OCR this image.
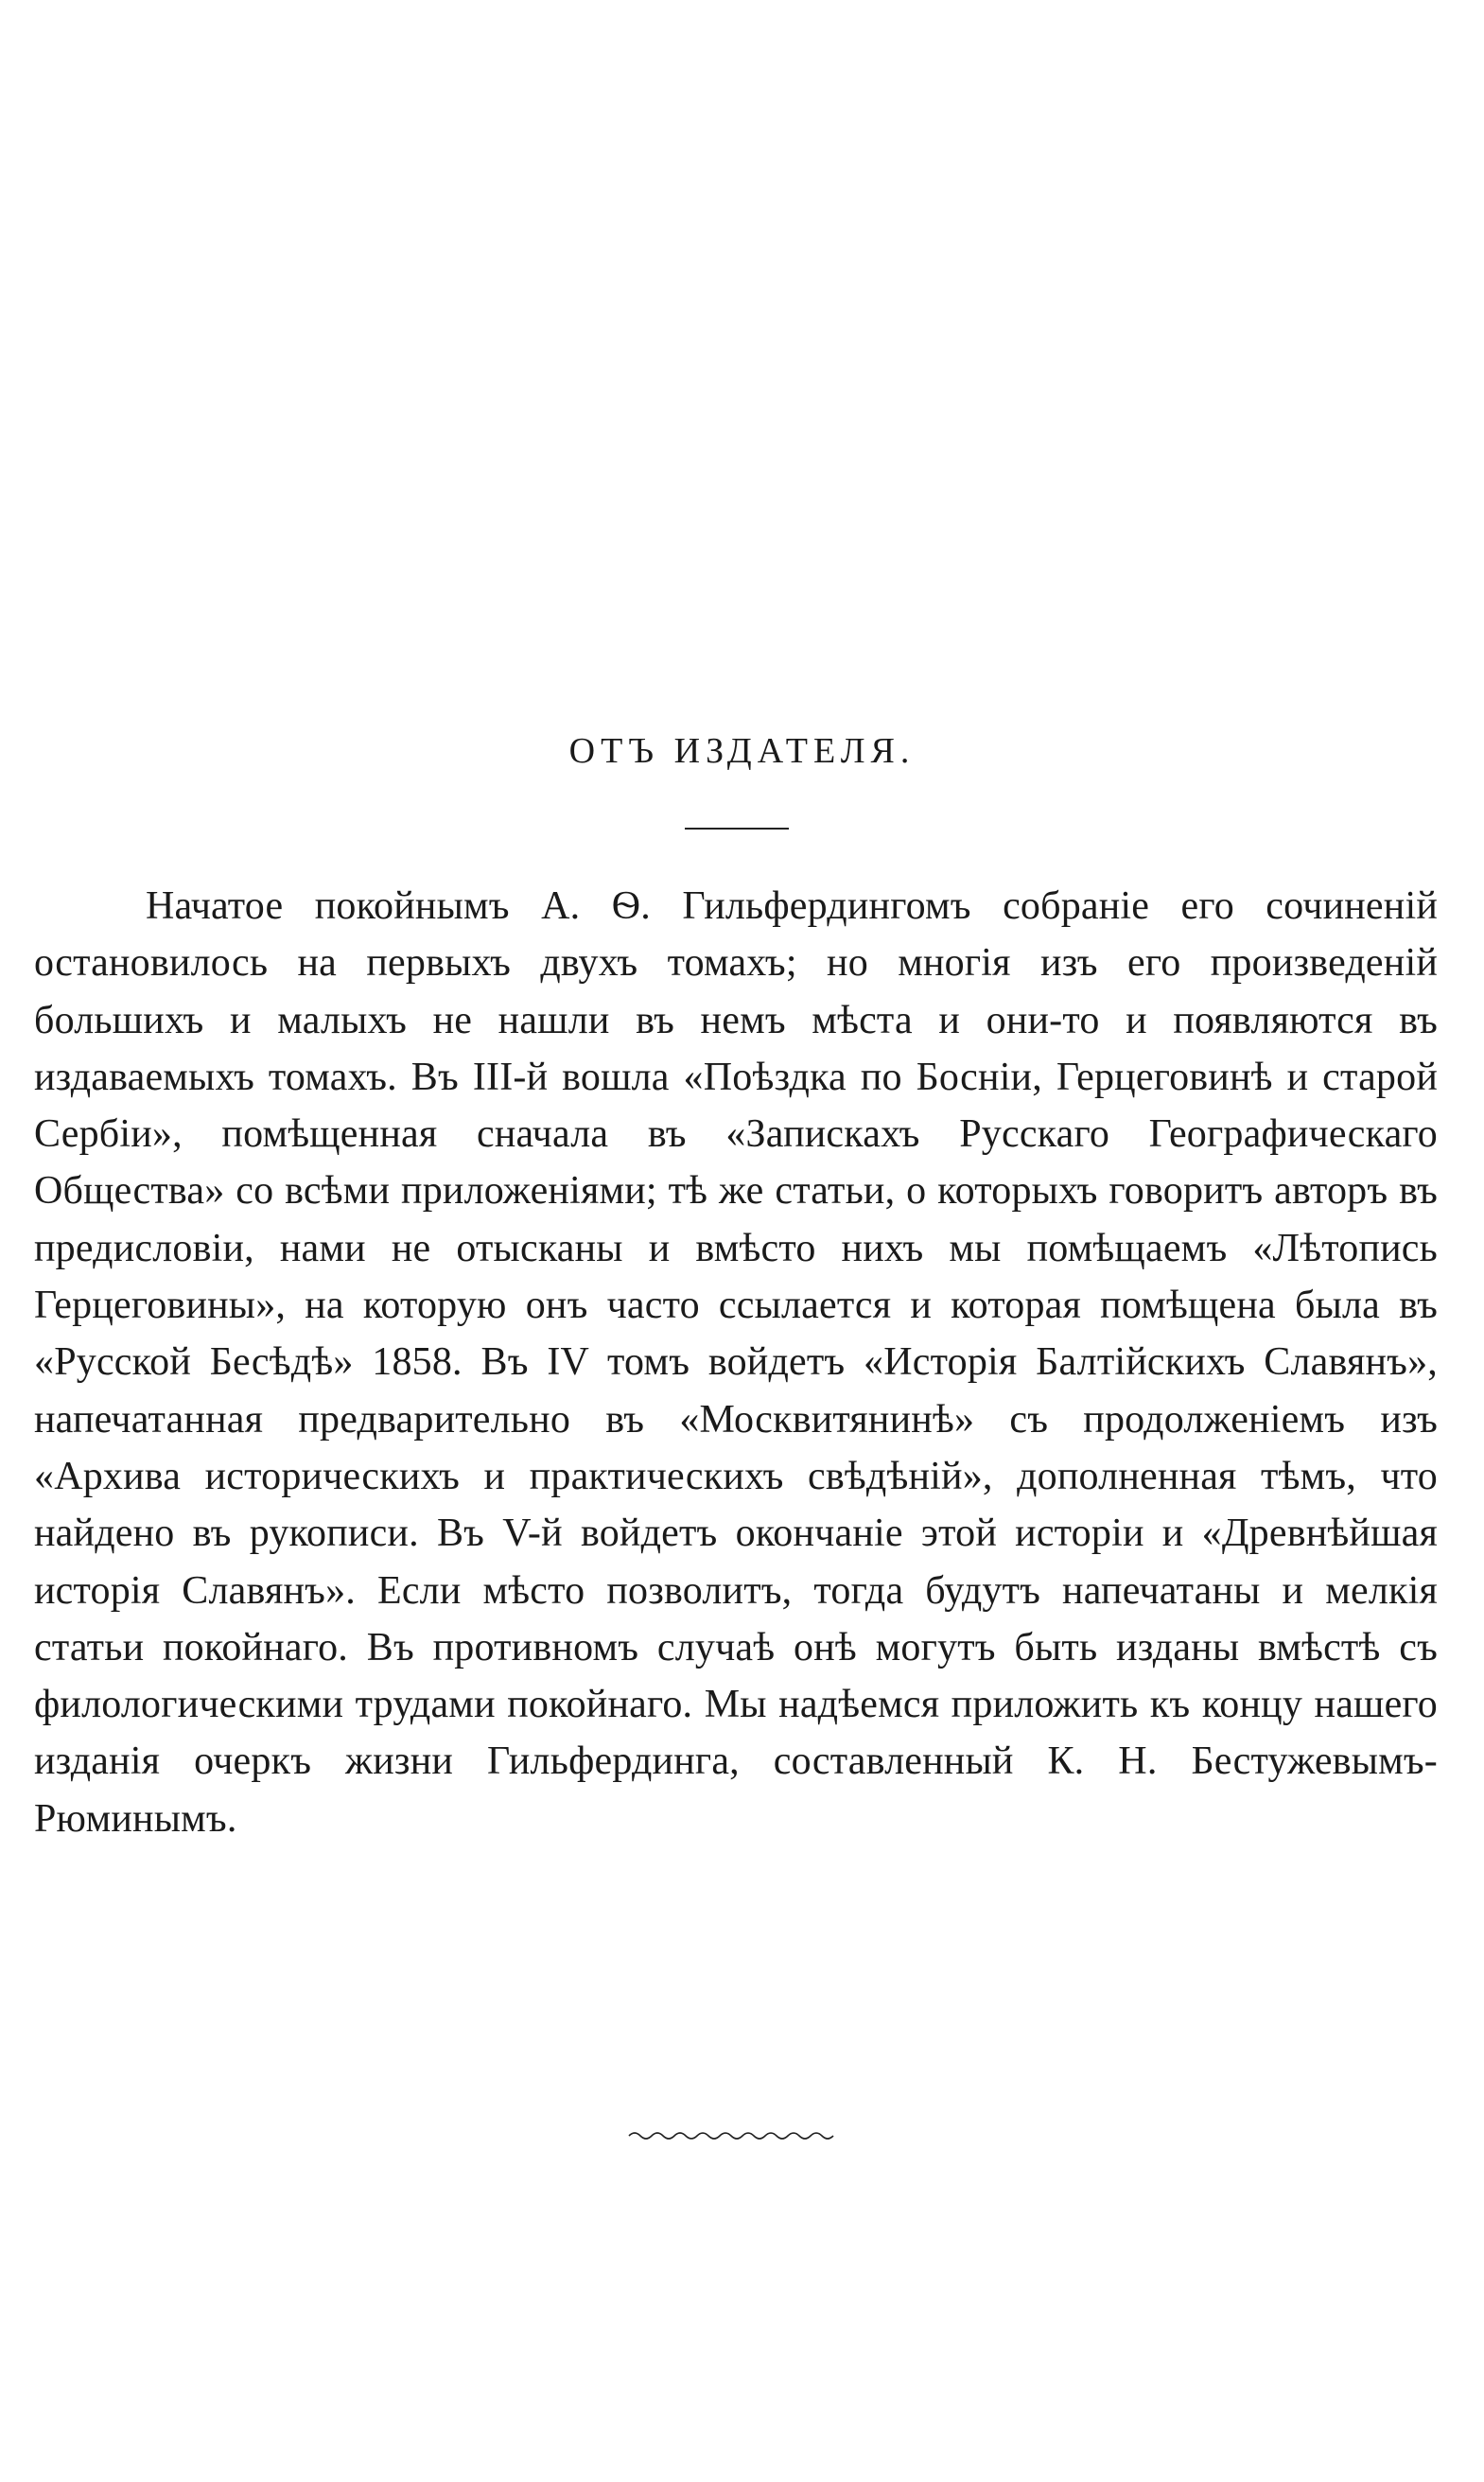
ОТЪ ИЗДАТЕЛЯ.

Начатое покойнымъ А. Ѳ. Гильфердингомъ собраніе его сочиненій остановилось на первыхъ двухъ томахъ; но многія изъ его произведеній большихъ и малыхъ не нашли въ немъ мѣста и они-то и появляются въ издаваемыхъ томахъ. Въ III-й вошла «Поѣздка по Босніи, Герцеговинѣ и старой Сербіи», помѣщенная сначала въ «Запискахъ Русскаго Географическаго Общества» со всѣми приложеніями; тѣ же статьи, о которыхъ говоритъ авторъ въ предисловіи, нами не отысканы и вмѣсто нихъ мы помѣщаемъ «Лѣтопись Герцеговины», на которую онъ часто ссылается и которая помѣщена была въ «Русской Бесѣдѣ» 1858. Въ IV томъ войдетъ «Исторія Балтійскихъ Славянъ», напечатанная предварительно въ «Москвитянинѣ» съ продолженіемъ изъ «Архива историческихъ и практическихъ свѣдѣній», дополненная тѣмъ, что найдено въ рукописи. Въ V-й войдетъ окончаніе этой исторіи и «Древнѣйшая исторія Славянъ». Если мѣсто позволитъ, тогда будутъ напечатаны и мелкія статьи покойнаго. Въ противномъ случаѣ онѣ могутъ быть изданы вмѣстѣ съ филологическими трудами покойнаго. Мы надѣемся приложить къ концу нашего изданія очеркъ жизни Гильфердинга, составленный К. Н. Бестужевымъ-Рюминымъ.
